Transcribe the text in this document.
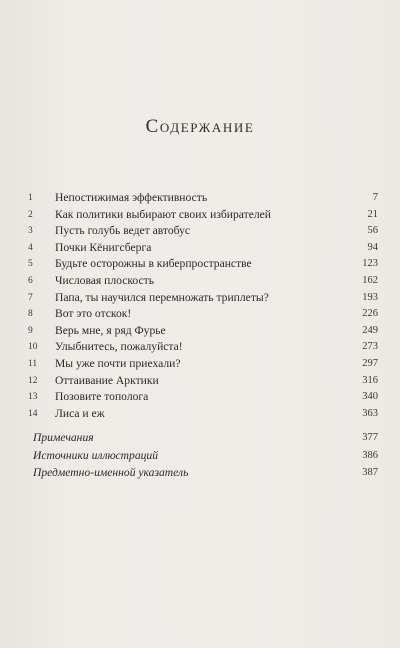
Содержание
1	Непостижимая эффективность	7
2	Как политики выбирают своих избирателей	21
3	Пусть голубь ведет автобус	56
4	Почки Кёнигсберга	94
5	Будьте осторожны в киберпространстве	123
6	Числовая плоскость	162
7	Папа, ты научился перемножать триплеты?	193
8	Вот это отскок!	226
9	Верь мне, я ряд Фурье	249
10	Улыбнитесь, пожалуйста!	273
11	Мы уже почти приехали?	297
12	Оттаивание Арктики	316
13	Позовите тополога	340
14	Лиса и еж	363
Примечания	377
Источники иллюстраций	386
Предметно-именной указатель	387
